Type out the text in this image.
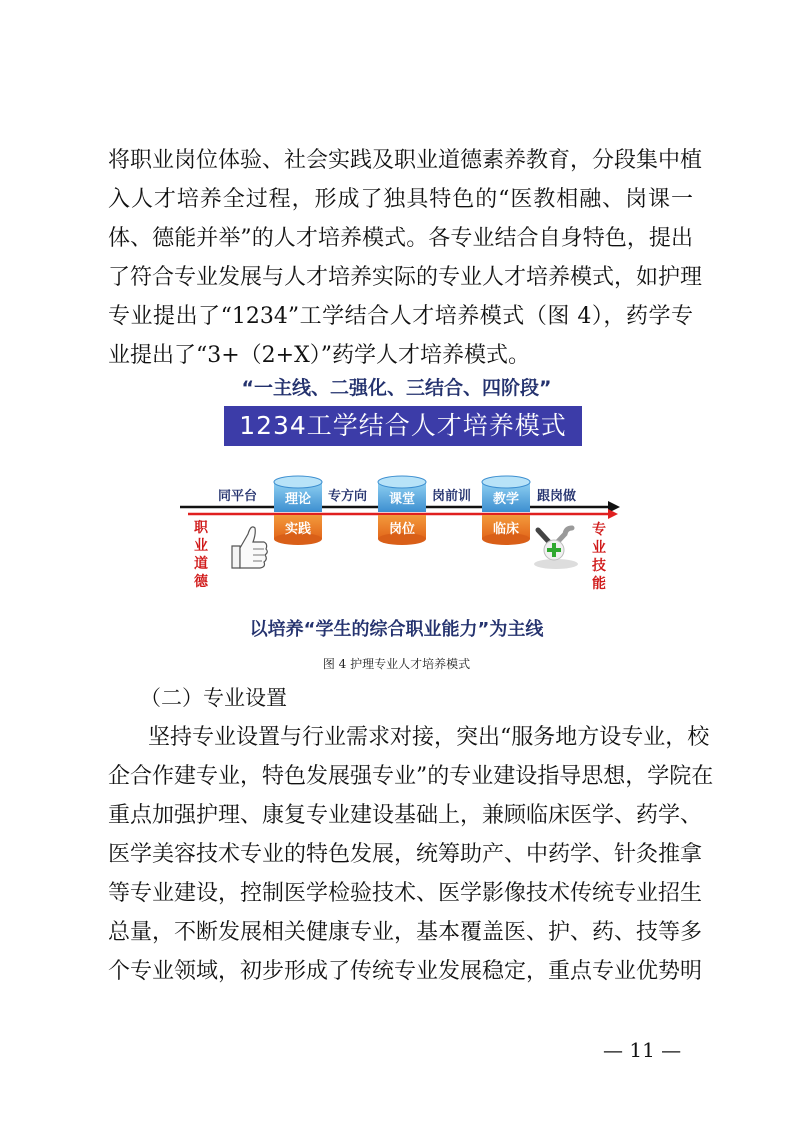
将职业岗位体验、社会实践及职业道德素养教育，分段集中植
入人才培养全过程，形成了独具特色的“医教相融、岗课一
体、德能并举”的人才培养模式。各专业结合自身特色，提出
了符合专业发展与人才培养实际的专业人才培养模式，如护理
专业提出了“1234”工学结合人才培养模式（图 4），药学专
业提出了“3+（2+X）”药学人才培养模式。
“一主线、二强化、三结合、四阶段”
1234工学结合人才培养模式
同平台	专方向	岗前训	跟岗做
理论
实践
课堂
岗位
教学
临床
职
业
道
德
专
业
技
能
以培养“学生的综合职业能力”为主线
图 4 护理专业人才培养模式
（二）专业设置
坚持专业设置与行业需求对接，突出“服务地方设专业，校
企合作建专业，特色发展强专业”的专业建设指导思想，学院在
重点加强护理、康复专业建设基础上，兼顾临床医学、药学、
医学美容技术专业的特色发展，统筹助产、中药学、针灸推拿
等专业建设，控制医学检验技术、医学影像技术传统专业招生
总量，不断发展相关健康专业，基本覆盖医、护、药、技等多
个专业领域，初步形成了传统专业发展稳定，重点专业优势明
— 11 —
